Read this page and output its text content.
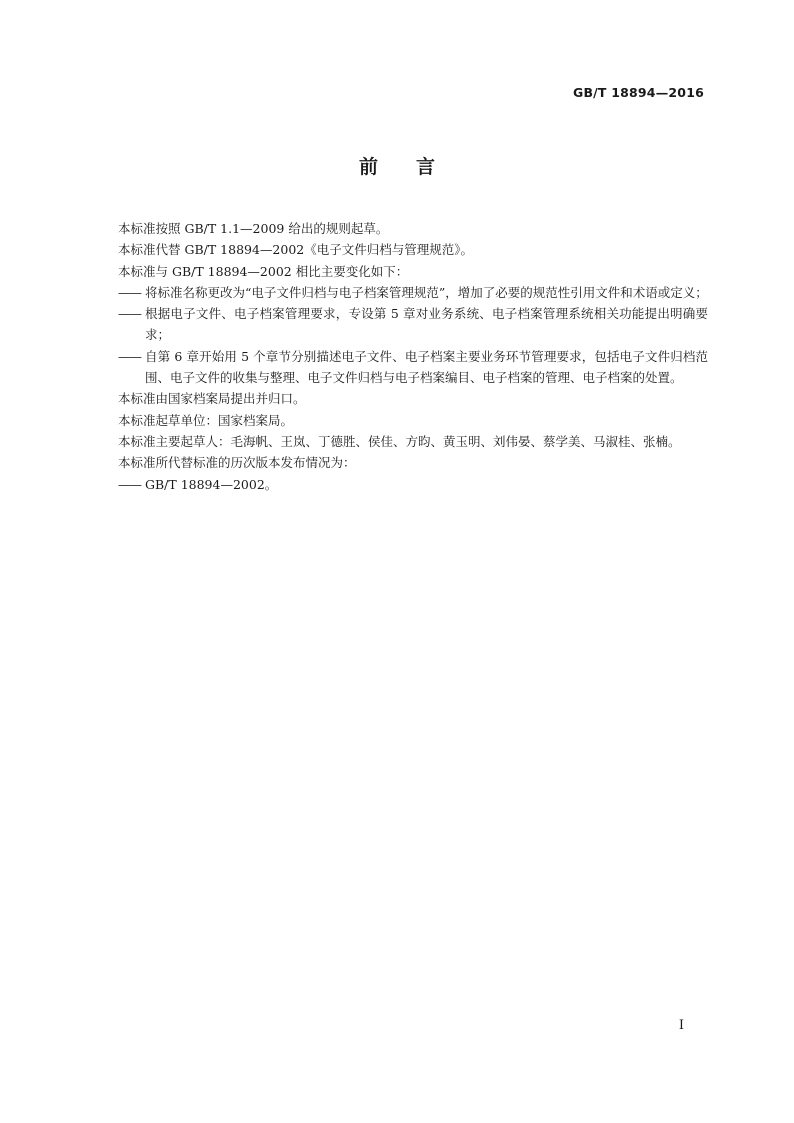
GB/T 18894—2016
前言

本标准按照 GB/T 1.1—2009 给出的规则起草。

本标准代替 GB/T 18894—2002《电子文件归档与管理规范》。

本标准与 GB/T 18894—2002 相比主要变化如下：

—— 将标准名称更改为“电子文件归档与电子档案管理规范”，增加了必要的规范性引用文件和术语或定义；
—— 根据电子文件、电子档案管理要求，专设第 5 章对业务系统、电子档案管理系统相关功能提出明确要求；
—— 自第 6 章开始用 5 个章节分别描述电子文件、电子档案主要业务环节管理要求，包括电子文件归档范围、电子文件的收集与整理、电子文件归档与电子档案编目、电子档案的管理、电子档案的处置。

本标准由国家档案局提出并归口。

本标准起草单位：国家档案局。

本标准主要起草人：毛海帆、王岚、丁德胜、侯佳、方昀、黄玉明、刘伟晏、蔡学美、马淑桂、张楠。

本标准所代替标准的历次版本发布情况为：

—— GB/T 18894—2002。
I
